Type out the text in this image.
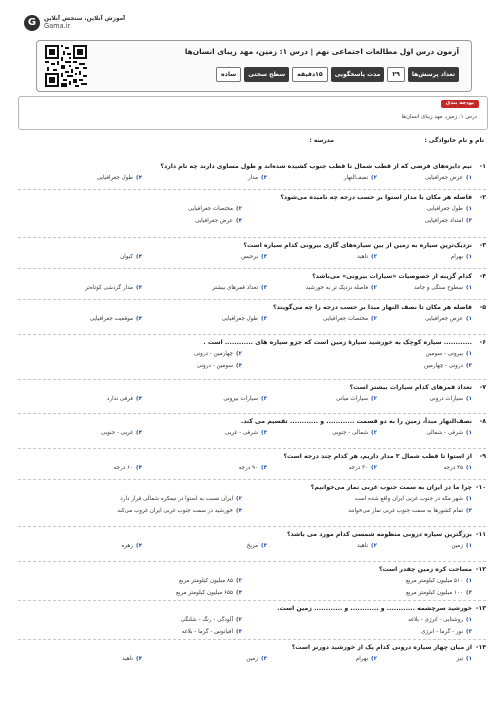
G	آموزش آنلاین، سنجش آنلاین
Gama.ir
آزمون درس اول مطالعات اجتماعی نهم | درس ۱: زمین، مهد زیبای انسان‌ها
تعداد پرسش‌ها
۲۹
مدت پاسخگویی
۱۵دقیقه
سطح سختی
ساده
بودجه بندی
درس ۱: زمین، مهد زیبای انسان‌ها
نام و نام خانوادگی :
مدرسه :
۱-
نیم دایره‌های فرضی که از قطب شمال تا قطب جنوب کشیده شده‌اند و طول مساوی دارند چه نام دارد؟
۱)عرض جغرافیایی
۲)نصف‌النهار
۳)مدار
۴)طول جغرافیایی
۲-
فاصله هر مکان با مدار استوا بر حسب درجه چه نامیده می‌شود؟
۱)طول جغرافیایی
۲)مختصات جغرافیایی
۳)امتداد جغرافیایی
۴)عرض جغرافیایی
۳-
نزدیک‌ترین سیاره به زمین از بین سیاره‌های گازی بیرونی کدام سیاره است؟
۱)بهرام
۲)ناهید
۳)برجیس
۴)کیوان
۴-
کدام گزینه از خصوصیات «سیارات بیرونی» می‌باشد؟
۱)سطوح سنگی و جامد
۲)فاصله نزدیک تر به خورشید
۳)تعداد قمرهای بیشتر
۴)مدار گردشی کوتاه‌تر
۵-
فاصله هر مکان تا نصف النهار مبدا بر حسب درجه را چه می‌گویند؟
۱)عرض جغرافیایی
۲)مختصات جغرافیایی
۳)طول جغرافیایی
۴)موقعیت جغرافیایی
۶-
............ سیاره کوچک به خورشید سیارهٔ زمین است که جزو سیاره های ............ است .
۱)بیرونی - سومین
۲)چهارمین - درونی
۳)درونی - چهارمین
۴)سومین - درونی
۷-
تعداد قمرهای کدام سیارات بیشتر است؟
۱)سیارات درونی
۲)سیارات میانی
۳)سیارات بیرونی
۴)فرقی ندارد
۸-
نصف‌النهار مبدأ، زمین را به دو قسمت ............ و ............ تقسیم می کند.
۱)شرقی - شمالی
۲)شمالی - جنوبی
۳)شرقی - غربی
۴)غربی - جنوبی
۹-
از استوا تا قطب شمال ۲ مدار داریم، هر کدام چند درجه است؟
۱)۴۵ درجه
۲)۳۰ درجه
۳)۹۰ درجه
۴)۶۰ درجه
۱۰-
چرا ما در ایران به سمت جنوب غربی نماز می‌خوانیم؟
۱)شهر مکه در جنوب غربی ایران واقع شده است
۲)ایران نسبت به استوا در نیمکره شمالی قرار دارد
۳)تمام کشورها به سمت جنوب غربی نماز می‌خوانند
۴)خورشید در سمت جنوب غربی ایران غروب می‌کند
۱۱-
بزرگترین سیاره درونی منظومه شمسی کدام مورد می باشد؟
۱)زمین
۲)ناهید
۳)مریخ
۴)زهره
۱۲-
مساحت کره زمین چقدر است؟
۱)۵۱۰ میلیون کیلومتر مربع
۲)۸۵ میلیون کیلومتر مربع
۳)۱۰۰ میلیون کیلومتر مربع
۴)۶۵۵ میلیون کیلومتر مربع
۱۳-
خورشید سرچشمه ............ و ............ و ............ زمین است.
۱)روشنایی - انرژی - بلاغه
۲)آلودگی - رنگ - شلنگی
۳)نور - گرما - انرژی
۴)اقیانوس - گرما - بلاغه
۱۴-
از میان چهار سیاره درونی کدام یک از خورشید دورتر است؟
۱)تیر
۲)بهرام
۳)زمین
۴)ناهید
